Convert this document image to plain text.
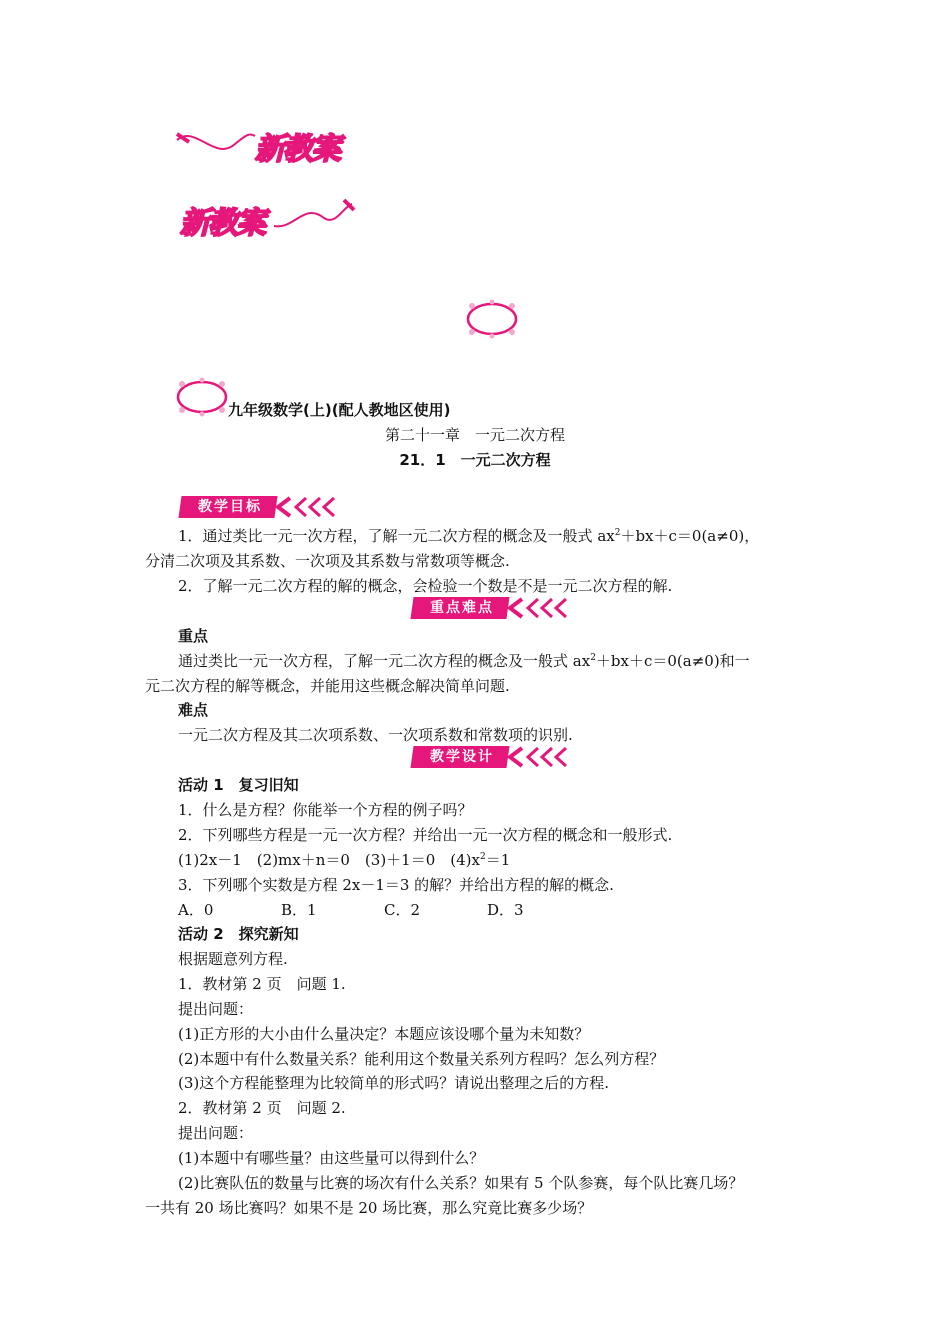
新教案
新教案
九年级数学(上)(配人教地区使用)
第二十一章　一元二次方程
21．1　一元二次方程
教学目标
1．通过类比一元一次方程，了解一元二次方程的概念及一般式 $ax^2+bx+c=0(a\ne 0)$，
分清二次项及其系数、一次项及其系数与常数项等概念.
2．了解一元二次方程的解的概念，会检验一个数是不是一元二次方程的解.
重点难点
重点
通过类比一元一次方程，了解一元二次方程的概念及一般式 $ax^2+bx+c=0(a\ne 0)$和一
元二次方程的解等概念，并能用这些概念解决简单问题.
难点
一元二次方程及其二次项系数、一次项系数和常数项的识别.
教学设计
活动 1　复习旧知
1．什么是方程？你能举一个方程的例子吗？
2．下列哪些方程是一元一次方程？并给出一元一次方程的概念和一般形式.
(1)2x－1　(2)mx＋n＝0　(3)＋1＝0　$(4)x^2=1$
3．下列哪个实数是方程 2x－1＝3 的解？并给出方程的解的概念.
A．0	B．1	C．2	D．3
活动 2　探究新知
根据题意列方程.
1．教材第 2 页　问题 1.
提出问题：
(1)正方形的大小由什么量决定？本题应该设哪个量为未知数？
(2)本题中有什么数量关系？能利用这个数量关系列方程吗？怎么列方程？
(3)这个方程能整理为比较简单的形式吗？请说出整理之后的方程.
2．教材第 2 页　问题 2.
提出问题：
(1)本题中有哪些量？由这些量可以得到什么？
(2)比赛队伍的数量与比赛的场次有什么关系？如果有 5 个队参赛，每个队比赛几场？
一共有 20 场比赛吗？如果不是 20 场比赛，那么究竟比赛多少场？
